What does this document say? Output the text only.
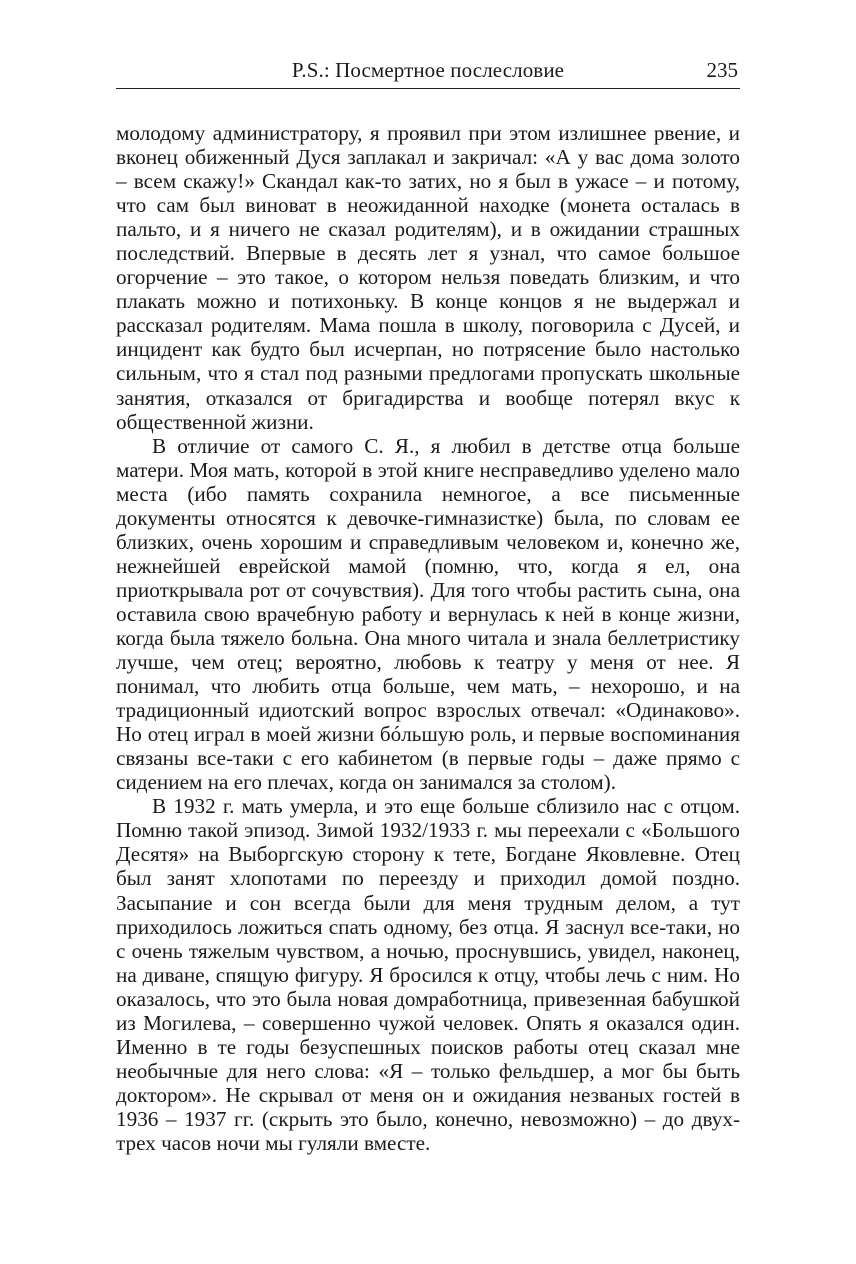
P.S.: Посмертное послесловие	235

молодому администратору, я проявил при этом излишнее рвение, и вконец обиженный Дуся заплакал и закричал: «А у вас дома золото – всем скажу!» Скандал как-то затих, но я был в ужасе – и потому, что сам был виноват в неожиданной находке (монета осталась в пальто, и я ничего не сказал родителям), и в ожидании страшных последствий. Впервые в десять лет я узнал, что самое большое огорчение – это такое, о котором нельзя поведать близким, и что плакать можно и потихоньку. В конце концов я не выдержал и рассказал родителям. Мама пошла в школу, поговорила с Дусей, и инцидент как будто был исчерпан, но потрясение было настолько сильным, что я стал под разными предлогами пропускать школьные занятия, отказался от бригадирства и вообще потерял вкус к общественной жизни.

В отличие от самого С. Я., я любил в детстве отца больше матери. Моя мать, которой в этой книге несправедливо уделено мало места (ибо память сохранила немногое, а все письменные документы относятся к девочке-гимназистке) была, по словам ее близких, очень хорошим и справедливым человеком и, конечно же, нежнейшей еврейской мамой (помню, что, когда я ел, она приоткрывала рот от сочувствия). Для того чтобы растить сына, она оставила свою врачебную работу и вернулась к ней в конце жизни, когда была тяжело больна. Она много читала и знала беллетристику лучше, чем отец; вероятно, любовь к театру у меня от нее. Я понимал, что любить отца больше, чем мать, – нехорошо, и на традиционный идиотский вопрос взрослых отвечал: «Одинаково». Но отец играл в моей жизни бóльшую роль, и первые воспоминания связаны все-таки с его кабинетом (в первые годы – даже прямо с сидением на его плечах, когда он занимался за столом).

В 1932 г. мать умерла, и это еще больше сблизило нас с отцом. Помню такой эпизод. Зимой 1932/1933 г. мы переехали с «Большого Десятя» на Выборгскую сторону к тете, Богдане Яковлевне. Отец был занят хлопотами по переезду и приходил домой поздно. Засыпание и сон всегда были для меня трудным делом, а тут приходилось ложиться спать одному, без отца. Я заснул все-таки, но с очень тяжелым чувством, а ночью, проснувшись, увидел, наконец, на диване, спящую фигуру. Я бросился к отцу, чтобы лечь с ним. Но оказалось, что это была новая домработница, привезенная бабушкой из Могилева, – совершенно чужой человек. Опять я оказался один. Именно в те годы безуспешных поисков работы отец сказал мне необычные для него слова: «Я – только фельдшер, а мог бы быть доктором». Не скрывал от меня он и ожидания незваных гостей в 1936 – 1937 гг. (скрыть это было, конечно, невозможно) – до двух-трех часов ночи мы гуляли вместе.
